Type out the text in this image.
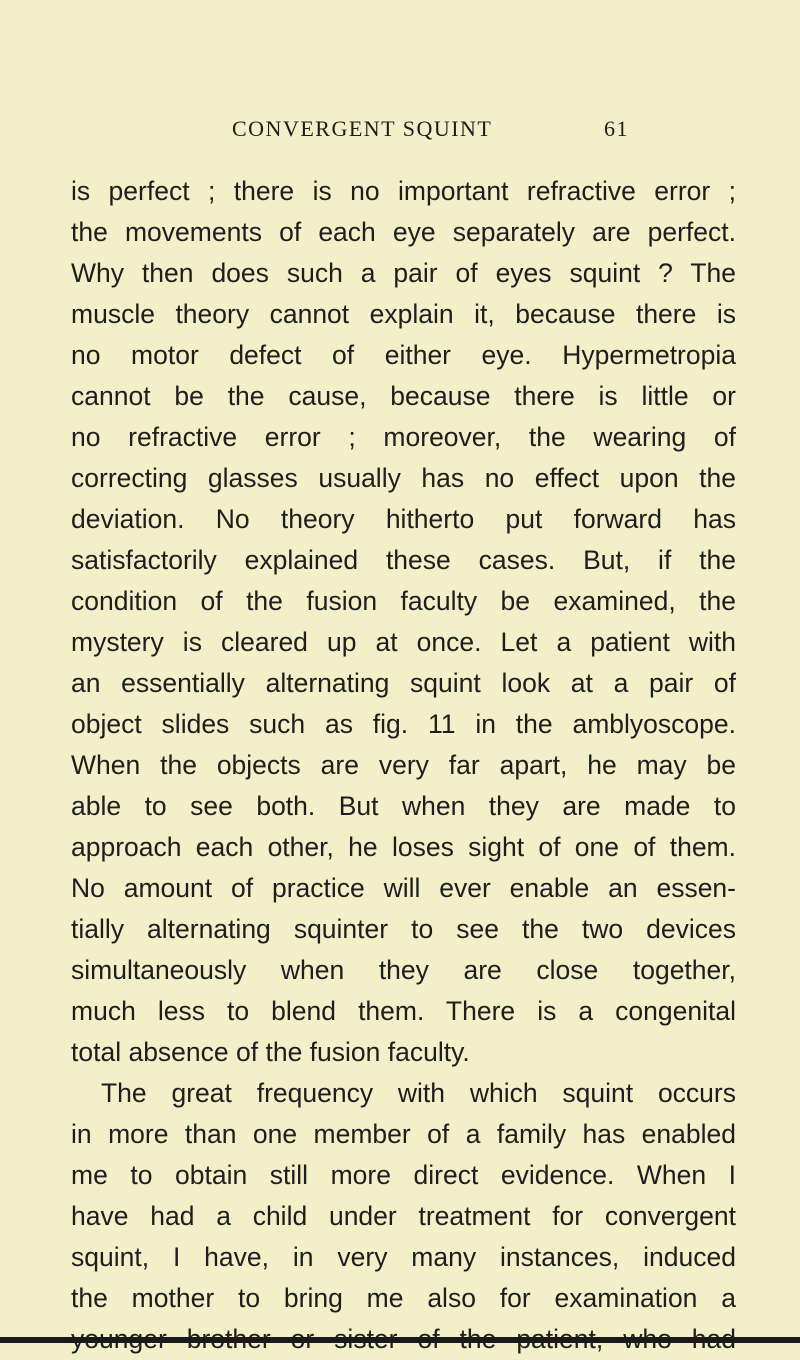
CONVERGENT SQUINT	61
is perfect ; there is no important refractive error ;
the movements of each eye separately are perfect.
Why then does such a pair of eyes squint ? The
muscle theory cannot explain it, because there is
no motor defect of either eye. Hypermetropia
cannot be the cause, because there is little or
no refractive error ; moreover, the wearing of
correcting glasses usually has no effect upon the
deviation. No theory hitherto put forward has
satisfactorily explained these cases. But, if the
condition of the fusion faculty be examined, the
mystery is cleared up at once. Let a patient with
an essentially alternating squint look at a pair of
object slides such as fig. 11 in the amblyoscope.
When the objects are very far apart, he may be
able to see both. But when they are made to
approach each other, he loses sight of one of them.
No amount of practice will ever enable an essen-
tially alternating squinter to see the two devices
simultaneously when they are close together,
much less to blend them. There is a congenital
total absence of the fusion faculty.
The great frequency with which squint occurs
in more than one member of a family has enabled
me to obtain still more direct evidence. When I
have had a child under treatment for convergent
squint, I have, in very many instances, induced
the mother to bring me also for examination a
